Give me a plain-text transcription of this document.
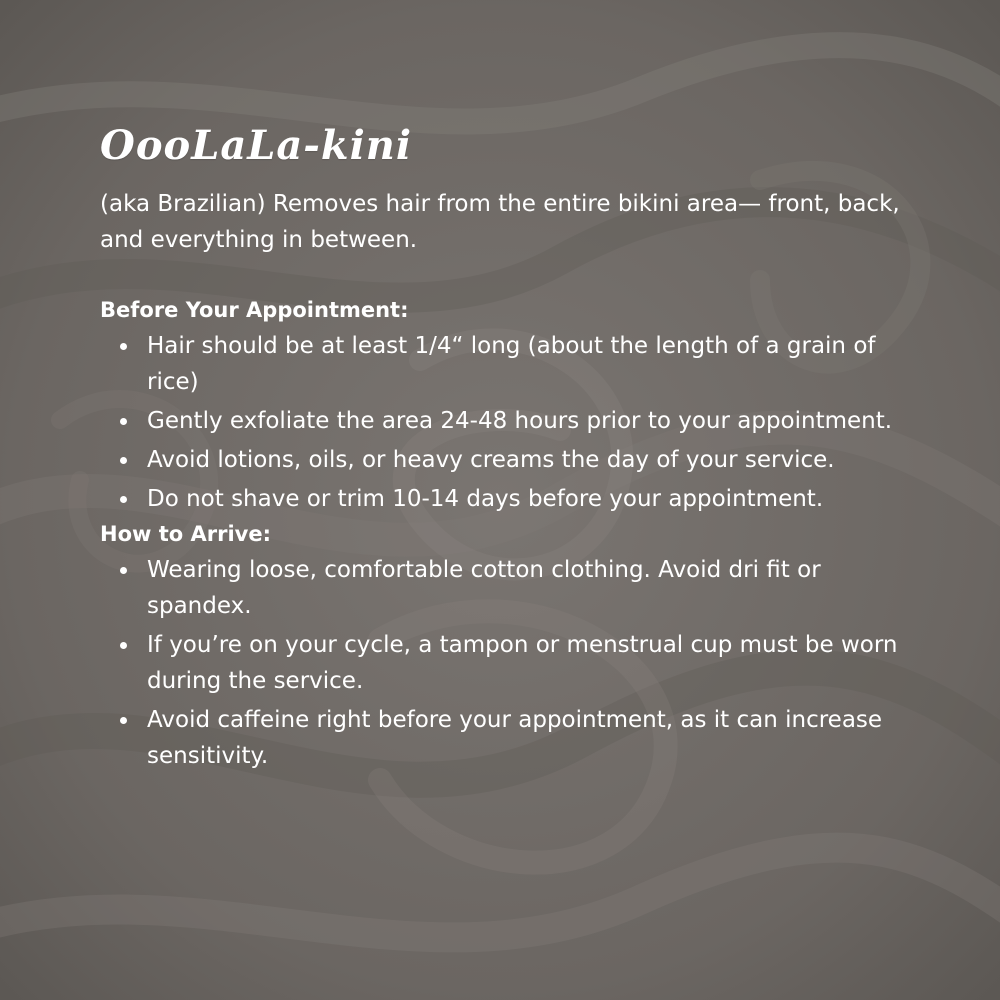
OooLaLa-kini

(aka Brazilian) Removes hair from the entire bikini area— front, back, and everything in between.

Before Your Appointment:
Hair should be at least 1/4“ long (about the length of a grain of rice)
Gently exfoliate the area 24-48 hours prior to your appointment.
Avoid lotions, oils, or heavy creams the day of your service.
Do not shave or trim 10-14 days before your appointment.
How to Arrive:
Wearing loose, comfortable cotton clothing. Avoid dri fit or spandex.
If you’re on your cycle, a tampon or menstrual cup must be worn during the service.
Avoid caffeine right before your appointment, as it can increase sensitivity.
